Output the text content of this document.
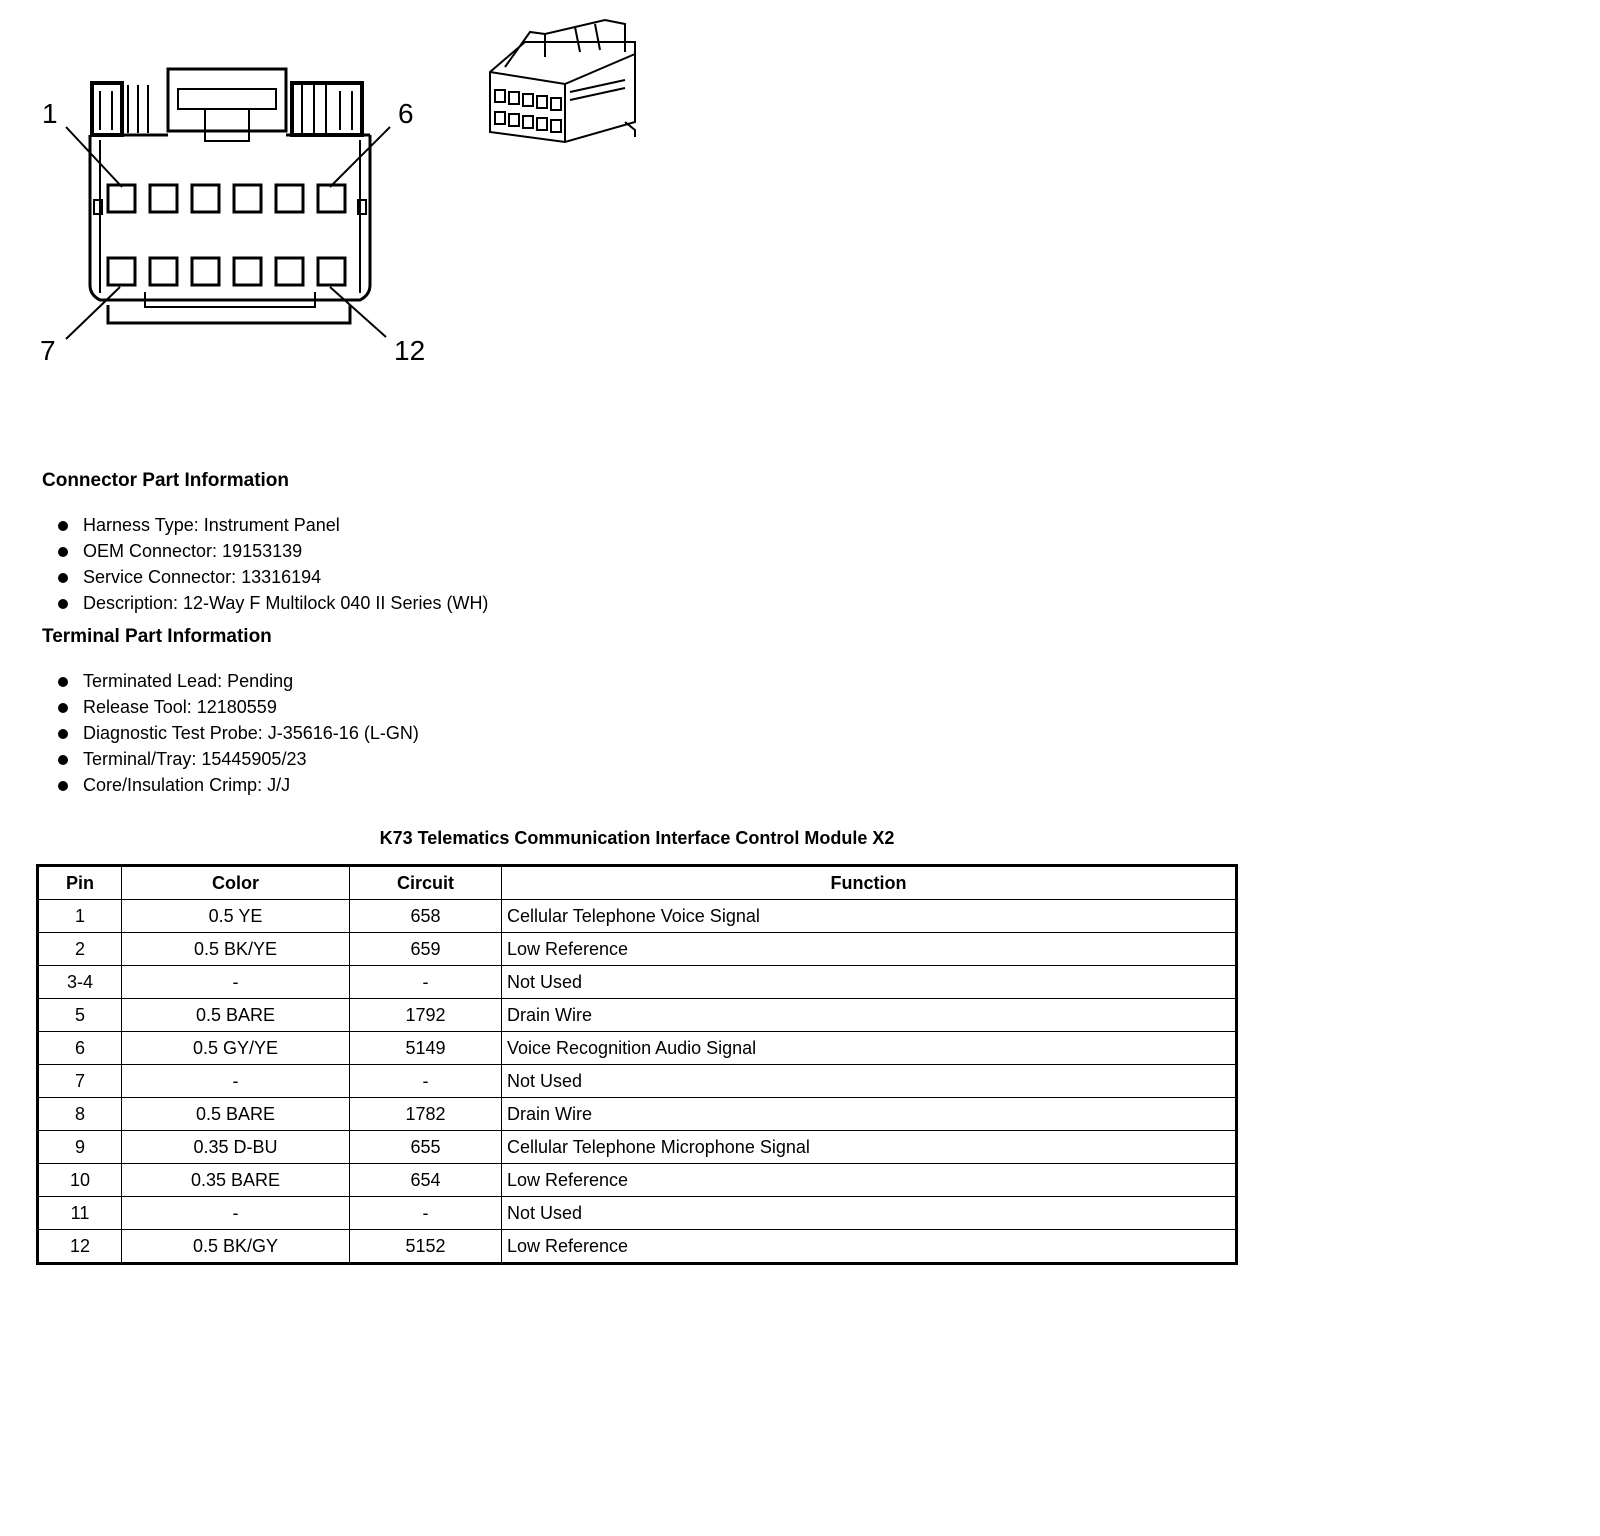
1	6
7	12
Connector Part Information
Harness Type: Instrument Panel
OEM Connector: 19153139
Service Connector: 13316194
Description: 12-Way F Multilock 040 II Series (WH)
Terminal Part Information
Terminated Lead: Pending
Release Tool: 12180559
Diagnostic Test Probe: J-35616-16 (L-GN)
Terminal/Tray: 15445905/23
Core/Insulation Crimp: J/J

K73 Telematics Communication Interface Control Module X2

Pin	Color	Circuit	Function
1	0.5 YE	658	Cellular Telephone Voice Signal
2	0.5 BK/YE	659	Low Reference
3-4	-	-	Not Used
5	0.5 BARE	1792	Drain Wire
6	0.5 GY/YE	5149	Voice Recognition Audio Signal
7	-	-	Not Used
8	0.5 BARE	1782	Drain Wire
9	0.35 D-BU	655	Cellular Telephone Microphone Signal
10	0.35 BARE	654	Low Reference
11	-	-	Not Used
12	0.5 BK/GY	5152	Low Reference
